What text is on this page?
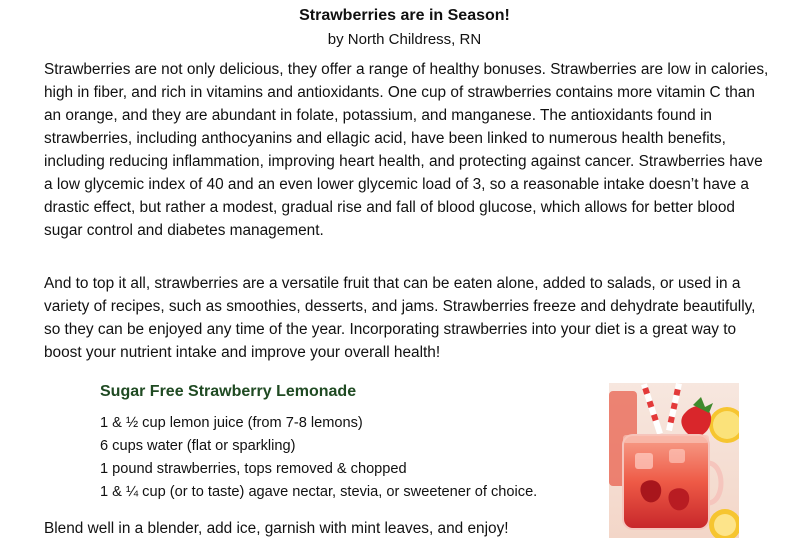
Strawberries are in Season!
by North Childress, RN

Strawberries are not only delicious, they offer a range of healthy bonuses. Strawberries are low in calories, high in fiber, and rich in vitamins and antioxidants. One cup of strawberries contains more vitamin C than an orange, and they are abundant in folate, potassium, and manganese. The antioxidants found in strawberries, including anthocyanins and ellagic acid, have been linked to numerous health benefits, including reducing inflammation, improving heart health, and protecting against cancer. Strawberries have a low glycemic index of 40 and an even lower glycemic load of 3, so a reasonable intake doesn’t have a drastic effect, but rather a modest, gradual rise and fall of blood glucose, which allows for better blood sugar control and diabetes management.

And to top it all, strawberries are a versatile fruit that can be eaten alone, added to salads, or used in a variety of recipes, such as smoothies, desserts, and jams. Strawberries freeze and dehydrate beautifully, so they can be enjoyed any time of the year. Incorporating strawberries into your diet is a great way to boost your nutrient intake and improve your overall health!

Sugar Free Strawberry Lemonade
1 & ½ cup lemon juice (from 7-8 lemons)
6 cups water (flat or sparkling)
1 pound strawberries, tops removed & chopped
1 & ¼ cup (or to taste) agave nectar, stevia, or sweetener of choice.
Blend well in a blender, add ice, garnish with mint leaves, and enjoy!
